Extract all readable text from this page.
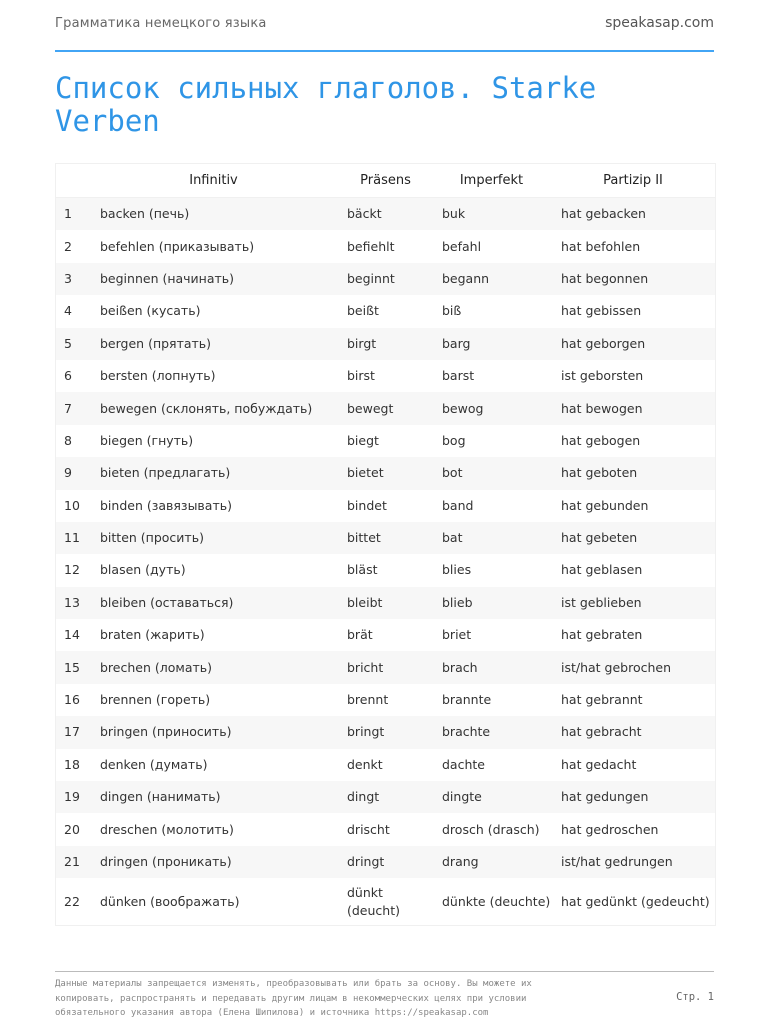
Грамматика немецкого языка	speakasap.com
Список сильных глаголов. Starke Verben
	Infinitiv	Präsens	Imperfekt	Partizip II
1	backen (печь)	bäckt	buk	hat gebacken
2	befehlen (приказывать)	befiehlt	befahl	hat befohlen
3	beginnen (начинать)	beginnt	begann	hat begonnen
4	beißen (кусать)	beißt	biß	hat gebissen
5	bergen (прятать)	birgt	barg	hat geborgen
6	bersten (лопнуть)	birst	barst	ist geborsten
7	bewegen (склонять, побуждать)	bewegt	bewog	hat bewogen
8	biegen (гнуть)	biegt	bog	hat gebogen
9	bieten (предлагать)	bietet	bot	hat geboten
10	binden (завязывать)	bindet	band	hat gebunden
11	bitten (просить)	bittet	bat	hat gebeten
12	blasen (дуть)	bläst	blies	hat geblasen
13	bleiben (оставаться)	bleibt	blieb	ist geblieben
14	braten (жарить)	brät	briet	hat gebraten
15	brechen (ломать)	bricht	brach	ist/hat gebrochen
16	brennen (гореть)	brennt	brannte	hat gebrannt
17	bringen (приносить)	bringt	brachte	hat gebracht
18	denken (думать)	denkt	dachte	hat gedacht
19	dingen (нанимать)	dingt	dingte	hat gedungen
20	dreschen (молотить)	drischt	drosch (drasch)	hat gedroschen
21	dringen (проникать)	dringt	drang	ist/hat gedrungen
22	dünken (воображать)	dünkt (deucht)	dünkte (deuchte)	hat gedünkt (gedeucht)
Данные материалы запрещается изменять, преобразовывать или брать за основу. Вы можете их копировать, распространять и передавать другим лицам в некоммерческих целях при условии обязательного указания автора (Елена Шипилова) и источника https://speakasap.com
Стр. 1
